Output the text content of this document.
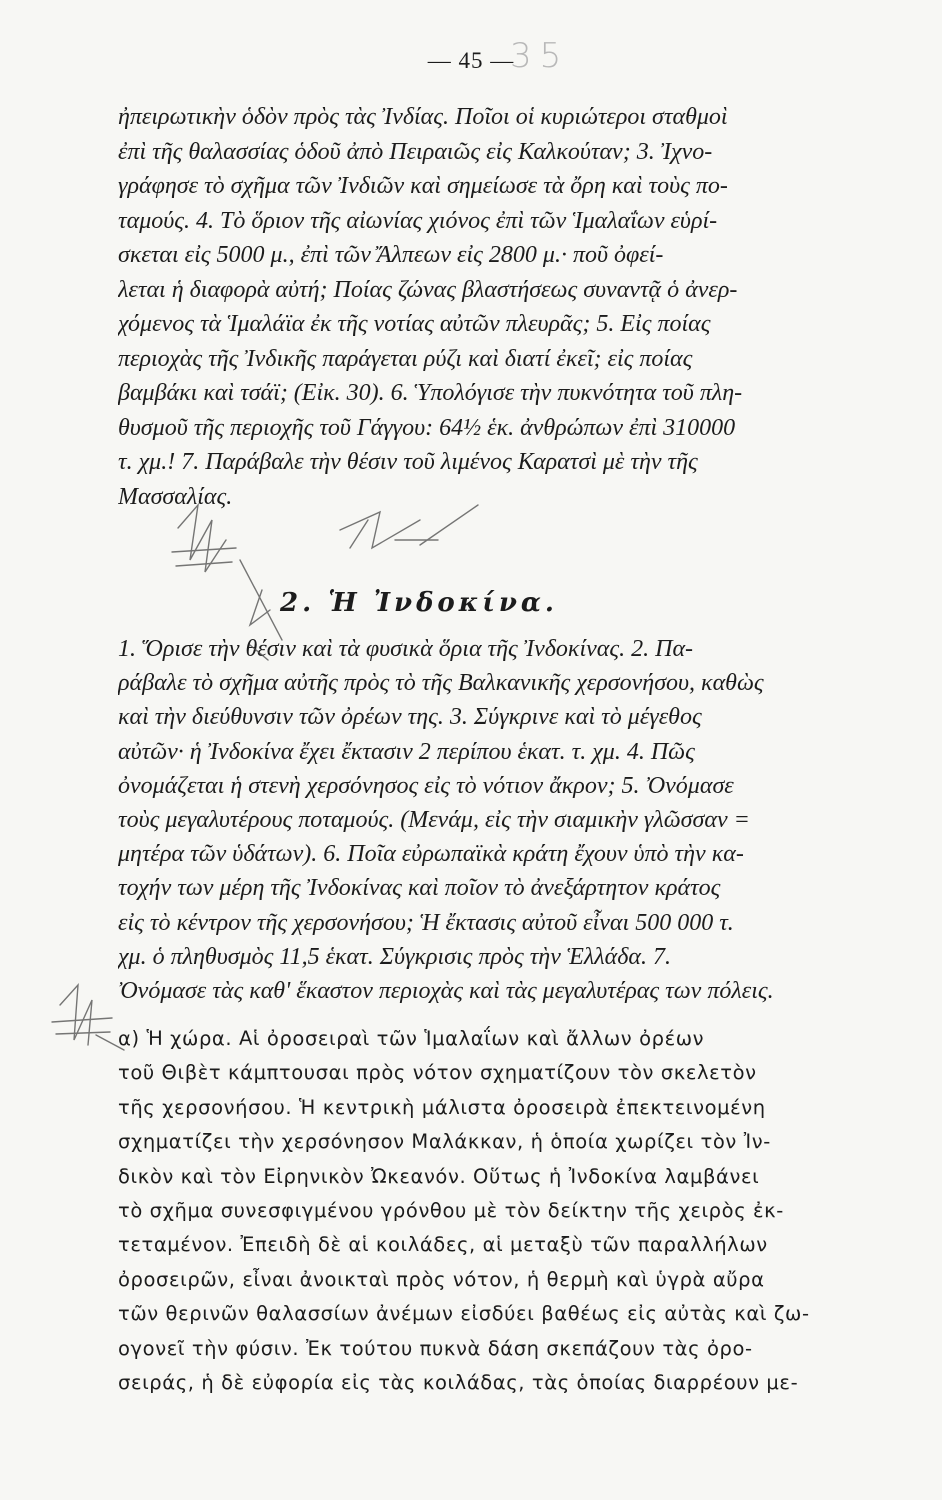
— 45 —
35
ἠπειρωτικὴν ὁδὸν πρὸς τὰς Ἰνδίας. Ποῖοι οἱ κυριώτεροι σταθμοὶ
ἐπὶ τῆς θαλασσίας ὁδοῦ ἀπὸ Πειραιῶς εἰς Καλκούταν; 3. Ἰχνο-
γράφησε τὸ σχῆμα τῶν Ἰνδιῶν καὶ σημείωσε τὰ ὄρη καὶ τοὺς πο-
ταμούς. 4. Τὸ ὅριον τῆς αἰωνίας χιόνος ἐπὶ τῶν Ἱμαλαΐων εὑρί-
σκεται εἰς 5000 μ., ἐπὶ τῶν Ἄλπεων εἰς 2800 μ.· ποῦ ὀφεί-
λεται ἡ διαφορὰ αὐτή; Ποίας ζώνας βλαστήσεως συναντᾷ ὁ ἀνερ-
χόμενος τὰ Ἱμαλάϊα ἐκ τῆς νοτίας αὐτῶν πλευρᾶς; 5. Εἰς ποίας
περιοχὰς τῆς Ἰνδικῆς παράγεται ρύζι καὶ διατί ἐκεῖ; εἰς ποίας
βαμβάκι καὶ τσάϊ; (Εἰκ. 30). 6. Ὑπολόγισε τὴν πυκνότητα τοῦ πλη-
θυσμοῦ τῆς περιοχῆς τοῦ Γάγγου: 64½ ἑκ. ἀνθρώπων ἐπὶ 310000
τ. χμ.! 7. Παράβαλε τὴν θέσιν τοῦ λιμένος Καρατσὶ μὲ τὴν τῆς
Μασσαλίας.
2. Ἡ Ἰνδοκίνα.
1. Ὅρισε τὴν θέσιν καὶ τὰ φυσικὰ ὅρια τῆς Ἰνδοκίνας. 2. Πα-
ράβαλε τὸ σχῆμα αὐτῆς πρὸς τὸ τῆς Βαλκανικῆς χερσονήσου, καθὼς
καὶ τὴν διεύθυνσιν τῶν ὀρέων της. 3. Σύγκρινε καὶ τὸ μέγεθος
αὐτῶν· ἡ Ἰνδοκίνα ἔχει ἔκτασιν 2 περίπου ἑκατ. τ. χμ. 4. Πῶς
ὀνομάζεται ἡ στενὴ χερσόνησος εἰς τὸ νότιον ἄκρον; 5. Ὀνόμασε
τοὺς μεγαλυτέρους ποταμούς. (Μενάμ, εἰς τὴν σιαμικὴν γλῶσσαν =
μητέρα τῶν ὑδάτων). 6. Ποῖα εὐρωπαϊκὰ κράτη ἔχουν ὑπὸ τὴν κα-
τοχήν των μέρη τῆς Ἰνδοκίνας καὶ ποῖον τὸ ἀνεξάρτητον κράτος
εἰς τὸ κέντρον τῆς χερσονήσου; Ἡ ἔκτασις αὐτοῦ εἶναι 500 000 τ.
χμ. ὁ πληθυσμὸς 11,5 ἑκατ. Σύγκρισις πρὸς τὴν Ἑλλάδα. 7.
Ὀνόμασε τὰς καθ' ἕκαστον περιοχὰς καὶ τὰς μεγαλυτέρας των πόλεις.
α) Ἡ χώρα. Αἱ ὀροσειραὶ τῶν Ἱμαλαΐων καὶ ἄλλων ὀρέων
τοῦ Θιβὲτ κάμπτουσαι πρὸς νότον σχηματίζουν τὸν σκελετὸν
τῆς χερσονήσου. Ἡ κεντρικὴ μάλιστα ὀροσειρὰ ἐπεκτεινομένη
σχηματίζει τὴν χερσόνησον Μαλάκκαν, ἡ ὁποία χωρίζει τὸν Ἰν-
δικὸν καὶ τὸν Εἰρηνικὸν Ὠκεανόν. Οὕτως ἡ Ἰνδοκίνα λαμβάνει
τὸ σχῆμα συνεσφιγμένου γρόνθου μὲ τὸν δείκτην τῆς χειρὸς ἐκ-
τεταμένον. Ἐπειδὴ δὲ αἱ κοιλάδες, αἱ μεταξὺ τῶν παραλλήλων
ὀροσειρῶν, εἶναι ἀνοικταὶ πρὸς νότον, ἡ θερμὴ καὶ ὑγρὰ αὔρα
τῶν θερινῶν θαλασσίων ἀνέμων εἰσδύει βαθέως εἰς αὐτὰς καὶ ζω-
ογονεῖ τὴν φύσιν. Ἐκ τούτου πυκνὰ δάση σκεπάζουν τὰς ὀρο-
σειράς, ἡ δὲ εὐφορία εἰς τὰς κοιλάδας, τὰς ὁποίας διαρρέουν με-
